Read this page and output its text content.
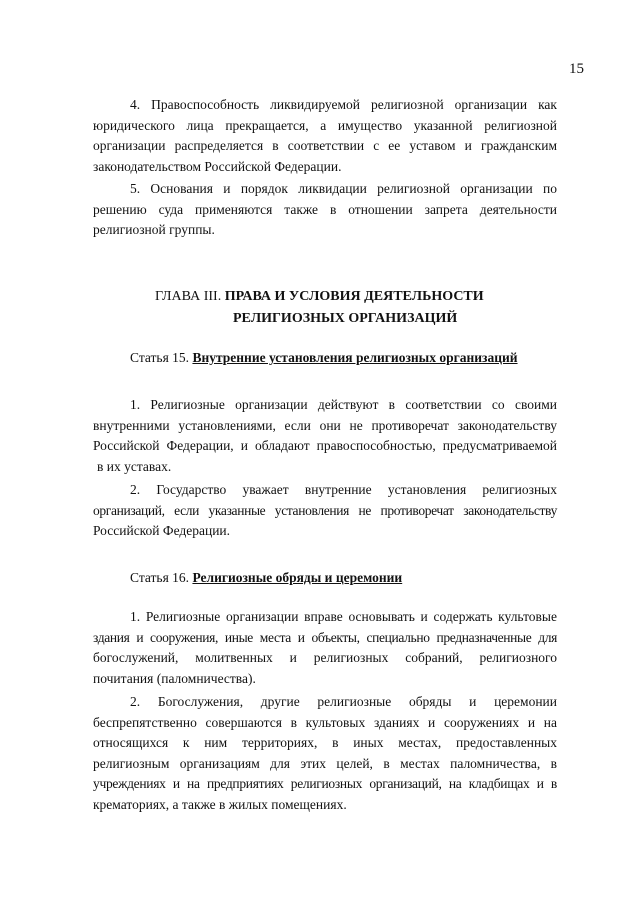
15
4. Правоспособность ликвидируемой религиозной организации как
юридического лица прекращается, а имущество указанной религиозной
организации распределяется в соответствии с ее уставом и гражданским
законодательством Российской Федерации.
5. Основания и порядок ликвидации религиозной организации по
решению суда применяются также в отношении запрета деятельности
религиозной группы.
ГЛАВА III. ПРАВА И УСЛОВИЯ ДЕЯТЕЛЬНОСТИ
РЕЛИГИОЗНЫХ ОРГАНИЗАЦИЙ
Статья 15. Внутренние установления религиозных организаций
1. Религиозные организации действуют в соответствии со своими
внутренними установлениями, если они не противоречат законодательству
Российской Федерации, и обладают правоспособностью, предусматриваемой
в их уставах.
2. Государство уважает внутренние установления религиозных
организаций, если указанные установления не противоречат законодательству
Российской Федерации.
Статья 16. Религиозные обряды и церемонии
1. Религиозные организации вправе основывать и содержать культовые
здания и сооружения, иные места и объекты, специально предназначенные для
богослужений, молитвенных и религиозных собраний, религиозного
почитания (паломничества).
2. Богослужения, другие религиозные обряды и церемонии
беспрепятственно совершаются в культовых зданиях и сооружениях и на
относящихся к ним территориях, в иных местах, предоставленных
религиозным организациям для этих целей, в местах паломничества, в
учреждениях и на предприятиях религиозных организаций, на кладбищах и в
крематориях, а также в жилых помещениях.
